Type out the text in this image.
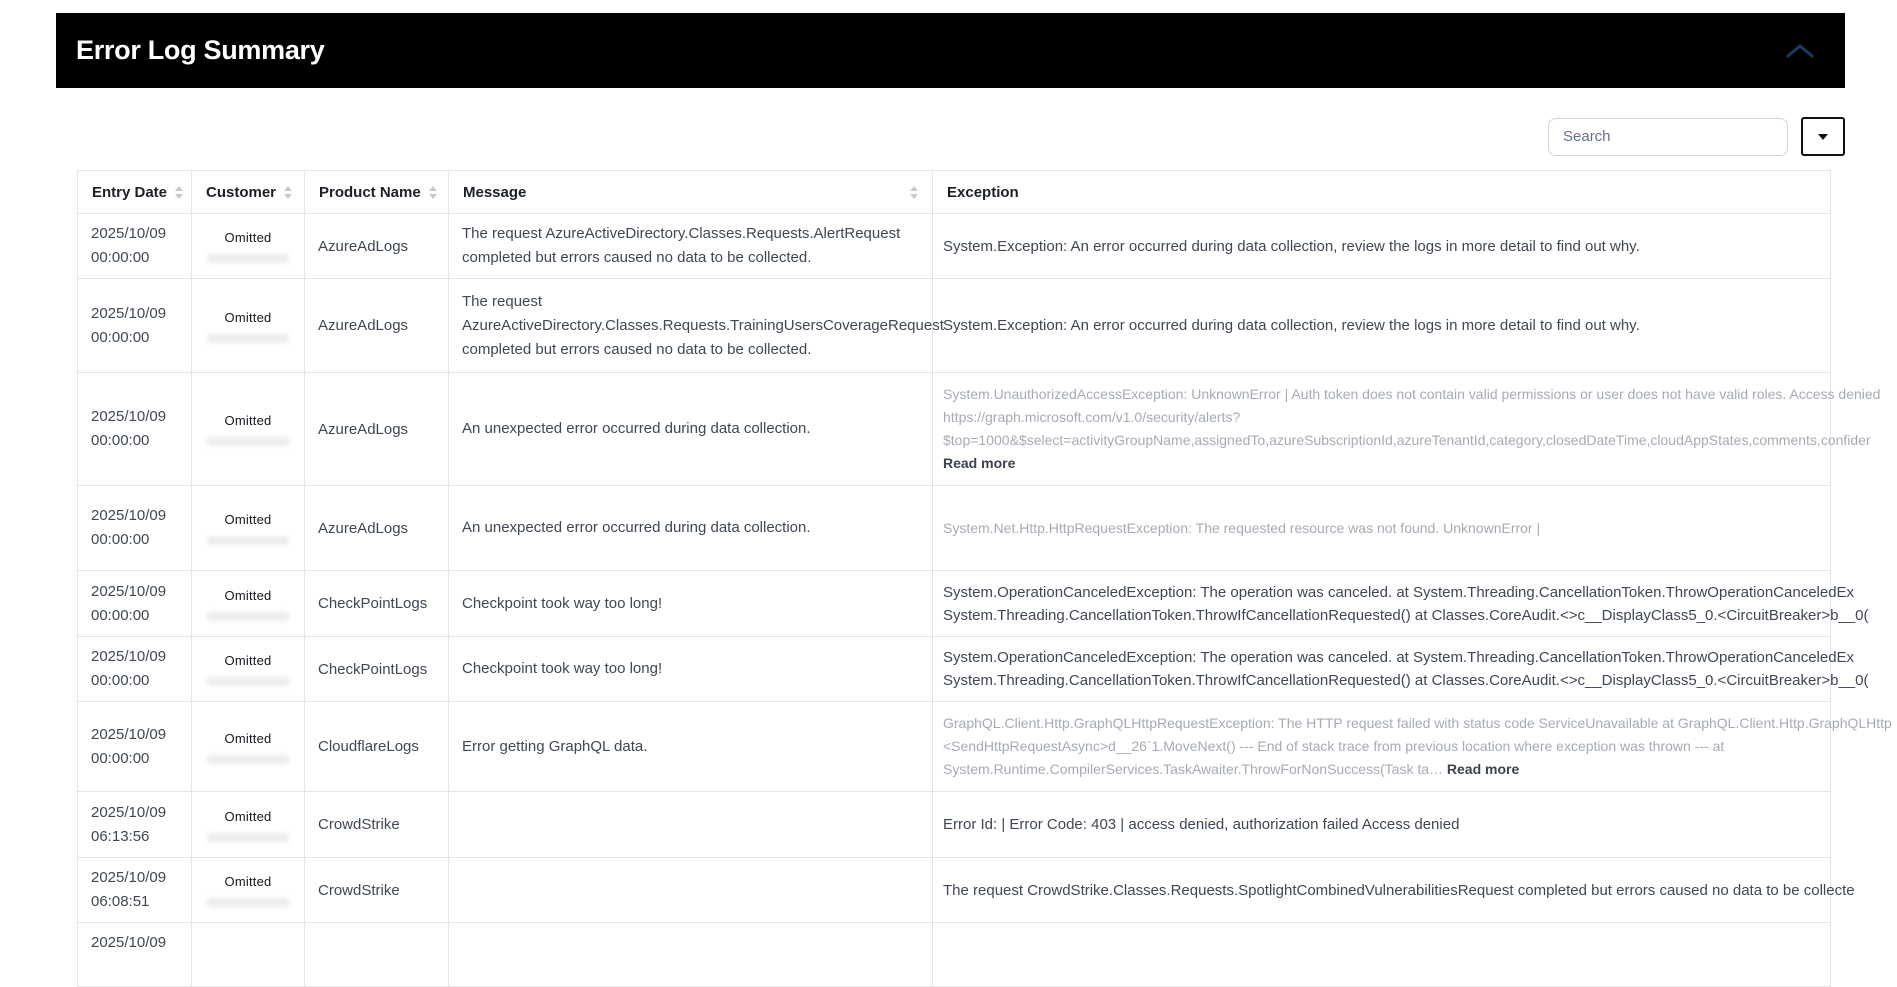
Error Log Summary
Search
Entry Date	Customer	Product Name	Message	Exception

2025/10/09 00:00:00	Omitted	AzureAdLogs	The request AzureActiveDirectory.Classes.Requests.AlertRequest completed but errors caused no data to be collected.	System.Exception: An error occurred during data collection, review the logs in more detail to find out why.

2025/10/09 00:00:00	Omitted	AzureAdLogs	The request AzureActiveDirectory.Classes.Requests.TrainingUsersCoverageRequest completed but errors caused no data to be collected.	System.Exception: An error occurred during data collection, review the logs in more detail to find out why.

2025/10/09 00:00:00	Omitted	AzureAdLogs	An unexpected error occurred during data collection.	System.UnauthorizedAccessException: UnknownError | Auth token does not contain valid permissions or user does not have valid roles. Access denied
https://graph.microsoft.com/v1.0/security/alerts?
$top=1000&$select=activityGroupName,assignedTo,azureSubscriptionId,azureTenantId,category,closedDateTime,cloudAppStates,comments,confider
Read more

2025/10/09 00:00:00	Omitted	AzureAdLogs	An unexpected error occurred during data collection.	System.Net.Http.HttpRequestException: The requested resource was not found. UnknownError |

2025/10/09 00:00:00	Omitted	CheckPointLogs	Checkpoint took way too long!	System.OperationCanceledException: The operation was canceled. at System.Threading.CancellationToken.ThrowOperationCanceledEx
System.Threading.CancellationToken.ThrowIfCancellationRequested() at Classes.CoreAudit.<>c__DisplayClass5_0.<CircuitBreaker>b__0(

2025/10/09 00:00:00	Omitted	CheckPointLogs	Checkpoint took way too long!	System.OperationCanceledException: The operation was canceled. at System.Threading.CancellationToken.ThrowOperationCanceledEx
System.Threading.CancellationToken.ThrowIfCancellationRequested() at Classes.CoreAudit.<>c__DisplayClass5_0.<CircuitBreaker>b__0(

2025/10/09 00:00:00	Omitted	CloudflareLogs	Error getting GraphQL data.	GraphQL.Client.Http.GraphQLHttpRequestException: The HTTP request failed with status code ServiceUnavailable at GraphQL.Client.Http.GraphQLHttp
<SendHttpRequestAsync>d__26`1.MoveNext() --- End of stack trace from previous location where exception was thrown --- at
System.Runtime.CompilerServices.TaskAwaiter.ThrowForNonSuccess(Task ta… Read more

2025/10/09 06:13:56	Omitted	CrowdStrike		Error Id: | Error Code: 403 | access denied, authorization failed Access denied

2025/10/09 06:08:51	Omitted	CrowdStrike		The request CrowdStrike.Classes.Requests.SpotlightCombinedVulnerabilitiesRequest completed but errors caused no data to be collecte

2025/10/09				
